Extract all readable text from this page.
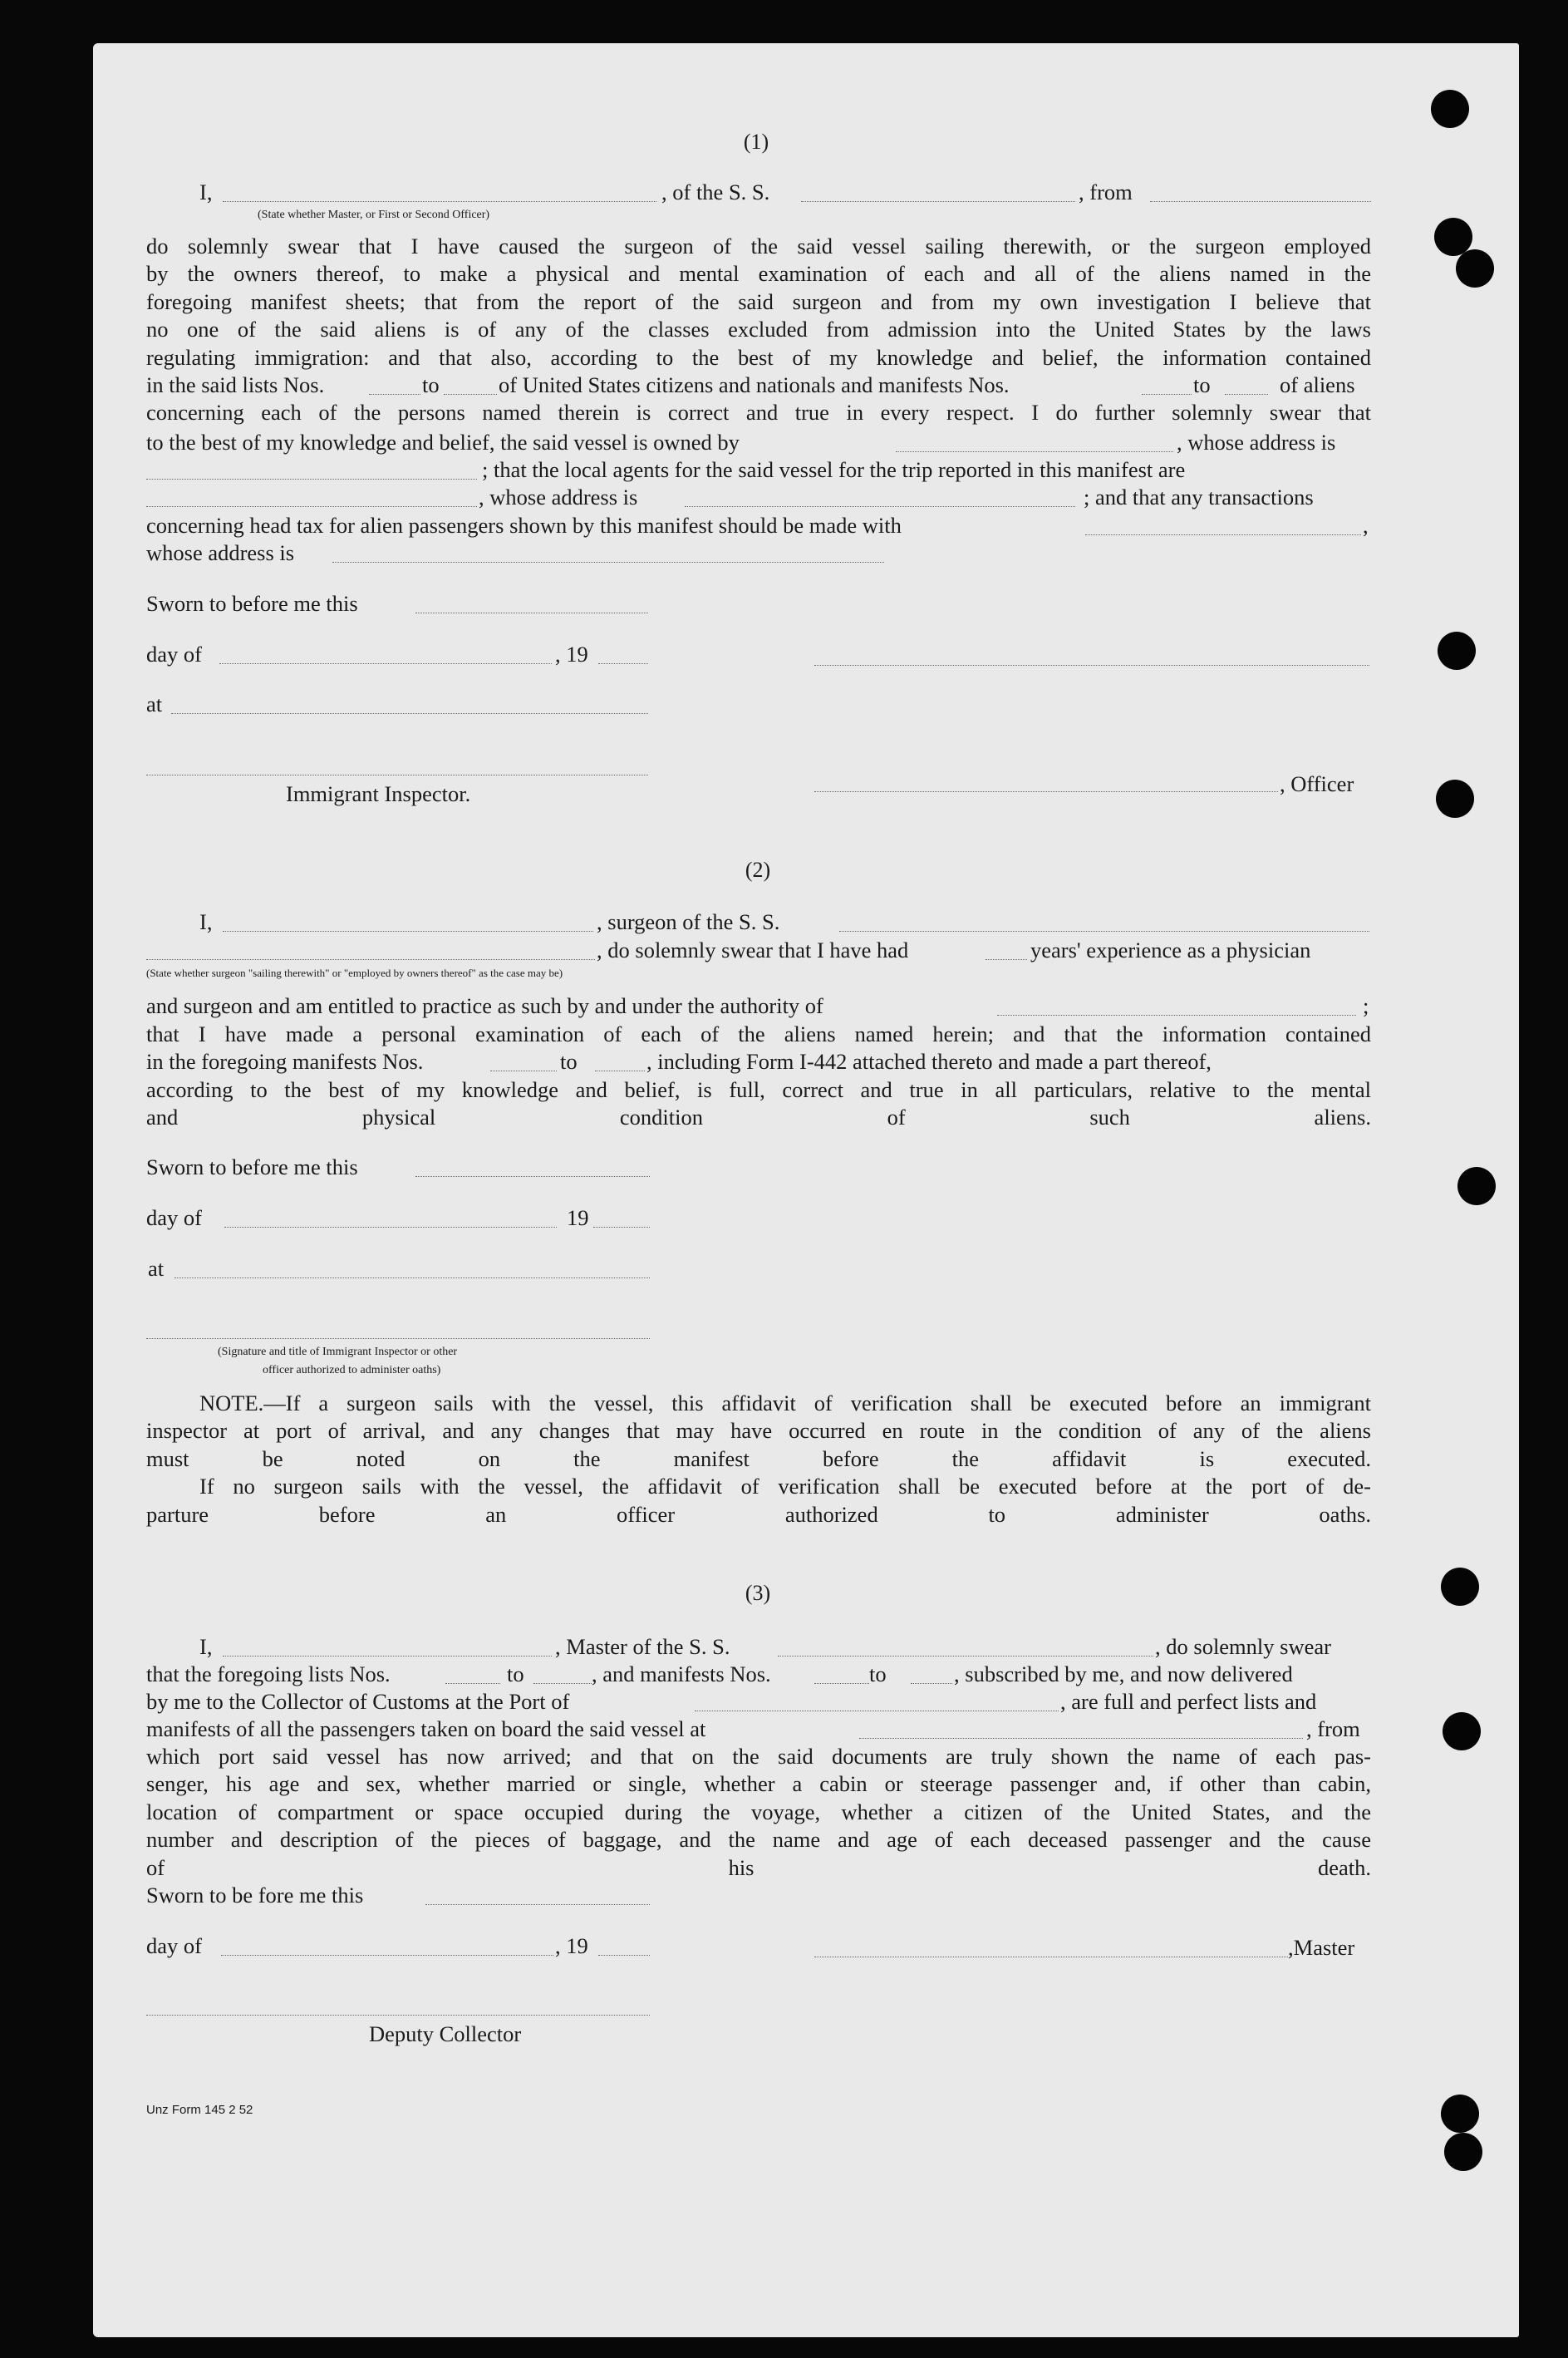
(1)
I,	, of the S. S.	, from
(State whether Master, or First or Second Officer)
do solemnly swear that I have caused the surgeon of the said vessel sailing therewith, or the surgeon employed
by the owners thereof, to make a physical and mental examination of each and all of the aliens named in the
foregoing manifest sheets; that from the report of the said surgeon and from my own investigation I believe that
no one of the said aliens is of any of the classes excluded from admission into the United States by the laws
regulating immigration: and that also, according to the best of my knowledge and belief, the information contained
in the said lists Nos.	to	of United States citizens and nationals and manifests Nos.	to	of aliens
concerning each of the persons named therein is correct and true in every respect. I do further solemnly swear that
to the best of my knowledge and belief, the said vessel is owned by	, whose address is
; that the local agents for the said vessel for the trip reported in this manifest are
, whose address is	; and that any transactions
concerning head tax for alien passengers shown by this manifest should be made with	,
whose address is
Sworn to before me this
day of	, 19
at
Immigrant Inspector.	, Officer
(2)
I,	, surgeon of the S. S.
, do solemnly swear that I have had	years' experience as a physician
(State whether surgeon "sailing therewith" or "employed by owners thereof" as the case may be)
and surgeon and am entitled to practice as such by and under the authority of	;
that I have made a personal examination of each of the aliens named herein; and that the information contained
in the foregoing manifests Nos.	to	, including Form I-442 attached thereto and made a part thereof,
according to the best of my knowledge and belief, is full, correct and true in all particulars, relative to the mental
and physical condition of such aliens.
Sworn to before me this
day of	19
at
(Signature and title of Immigrant Inspector or other
officer authorized to administer oaths)
NOTE.—If a surgeon sails with the vessel, this affidavit of verification shall be executed before an immigrant
inspector at port of arrival, and any changes that may have occurred en route in the condition of any of the aliens
must be noted on the manifest before the affidavit is executed.
If no surgeon sails with the vessel, the affidavit of verification shall be executed before at the port of de-
parture before an officer authorized to administer oaths.
(3)
I,	, Master of the S. S.	, do solemnly swear
that the foregoing lists Nos.	to	, and manifests Nos.	to	, subscribed by me, and now delivered
by me to the Collector of Customs at the Port of	, are full and perfect lists and
manifests of all the passengers taken on board the said vessel at	, from
which port said vessel has now arrived; and that on the said documents are truly shown the name of each pas-
senger, his age and sex, whether married or single, whether a cabin or steerage passenger and, if other than cabin,
location of compartment or space occupied during the voyage, whether a citizen of the United States, and the
number and description of the pieces of baggage, and the name and age of each deceased passenger and the cause
of his death.
Sworn to be fore me this
day of	, 19	,Master
Deputy Collector
Unz Form 145 2 52
